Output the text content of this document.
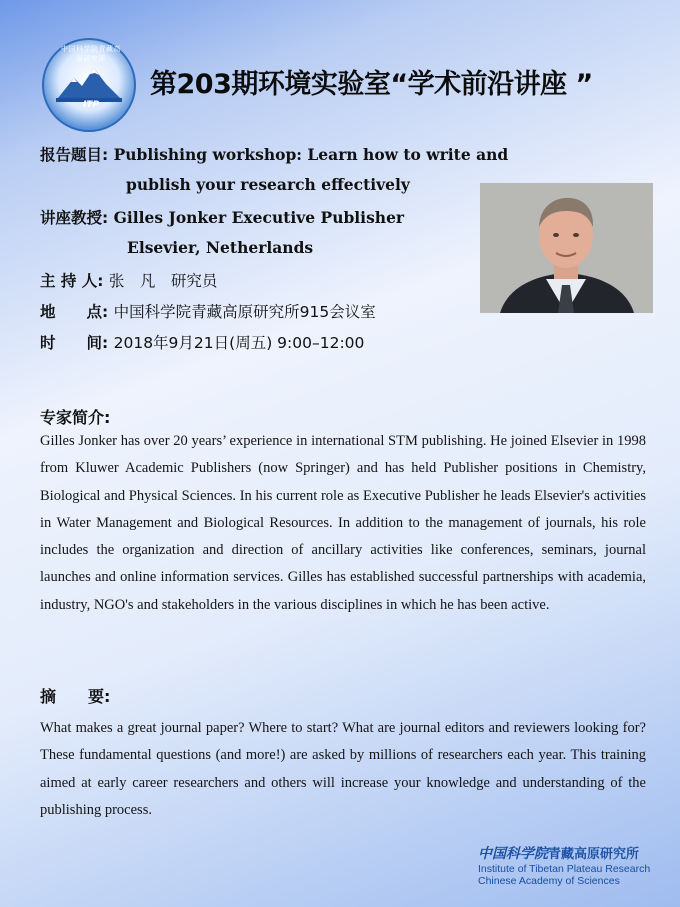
中国科学院青藏高原研究所
ITP
第203期环境实验室“学术前沿讲座 ”
报告题目: Publishing workshop: Learn how to write and
publish your research effectively
讲座教授: Gilles Jonker Executive Publisher
Elsevier, Netherlands
主 持 人: 张　凡　研究员
地　　点: 中国科学院青藏高原研究所915会议室
时　　间: 2018年9月21日(周五) 9:00–12:00
专家简介:
Gilles Jonker has over 20 years’ experience in international STM publishing. He joined Elsevier in 1998 from Kluwer Academic Publishers (now Springer) and has held Publisher positions in Chemistry, Biological and Physical Sciences. In his current role as Executive Publisher he leads Elsevier's activities in Water Management and Biological Resources. In addition to the management of journals, his role includes the organization and direction of ancillary activities like conferences, seminars, journal launches and online information services. Gilles has established successful partnerships with academia, industry, NGO's and stakeholders in the various disciplines in which he has been active.
摘　　要:
What makes a great journal paper? Where to start? What are journal editors and reviewers looking for? These fundamental questions (and more!) are asked by millions of researchers each year. This training aimed at early career researchers and others will increase your knowledge and understanding of the publishing process.
中国科学院青藏高原研究所
Institute of Tibetan Plateau Research
Chinese Academy of Sciences
